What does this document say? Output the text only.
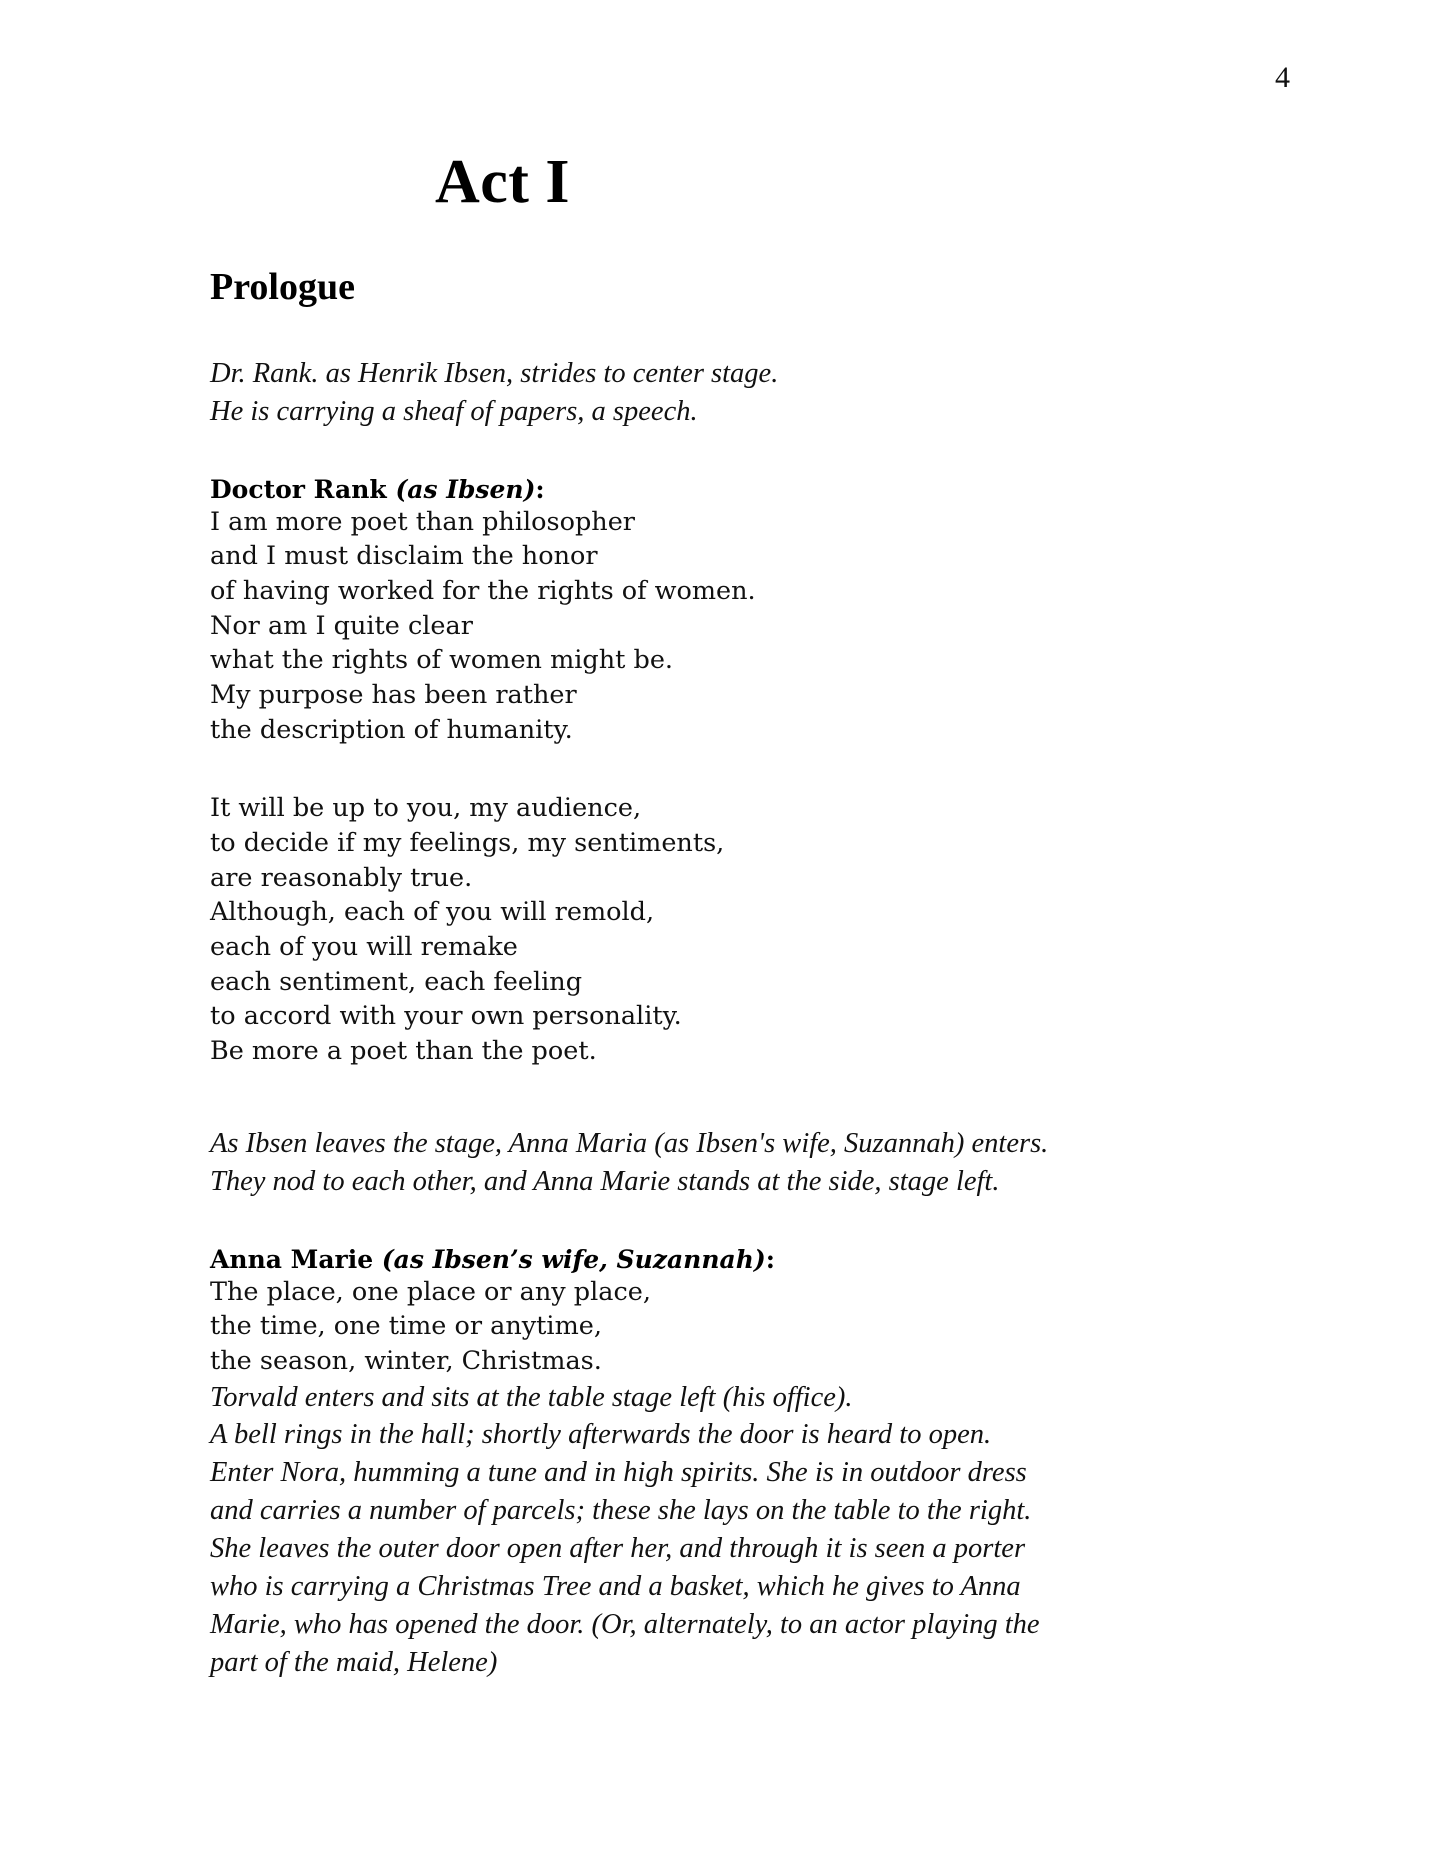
4
Act I
Prologue
Dr. Rank. as Henrik Ibsen, strides to center stage.
He is carrying a sheaf of papers, a speech.
Doctor Rank (as Ibsen):
I am more poet than philosopher
and I must disclaim the honor
of having worked for the rights of women.
Nor am I quite clear
what the rights of women might be.
My purpose has been rather
the description of humanity.
It will be up to you, my audience,
to decide if my feelings, my sentiments,
are reasonably true.
Although, each of you will remold,
each of you will remake
each sentiment, each feeling
to accord with your own personality.
Be more a poet than the poet.
As Ibsen leaves the stage, Anna Maria (as Ibsen's wife, Suzannah) enters.
They nod to each other, and Anna Marie stands at the side, stage left.
Anna Marie (as Ibsen’s wife, Suzannah):
The place, one place or any place,
the time, one time or anytime,
the season, winter, Christmas.
Torvald enters and sits at the table stage left (his office).
A bell rings in the hall; shortly afterwards the door is heard to open. Enter Nora, humming a tune and in high spirits. She is in outdoor dress and carries a number of parcels; these she lays on the table to the right. She leaves the outer door open after her, and through it is seen a porter who is carrying a Christmas Tree and a basket, which he gives to Anna Marie, who has opened the door. (Or, alternately, to an actor playing the part of the maid, Helene)
